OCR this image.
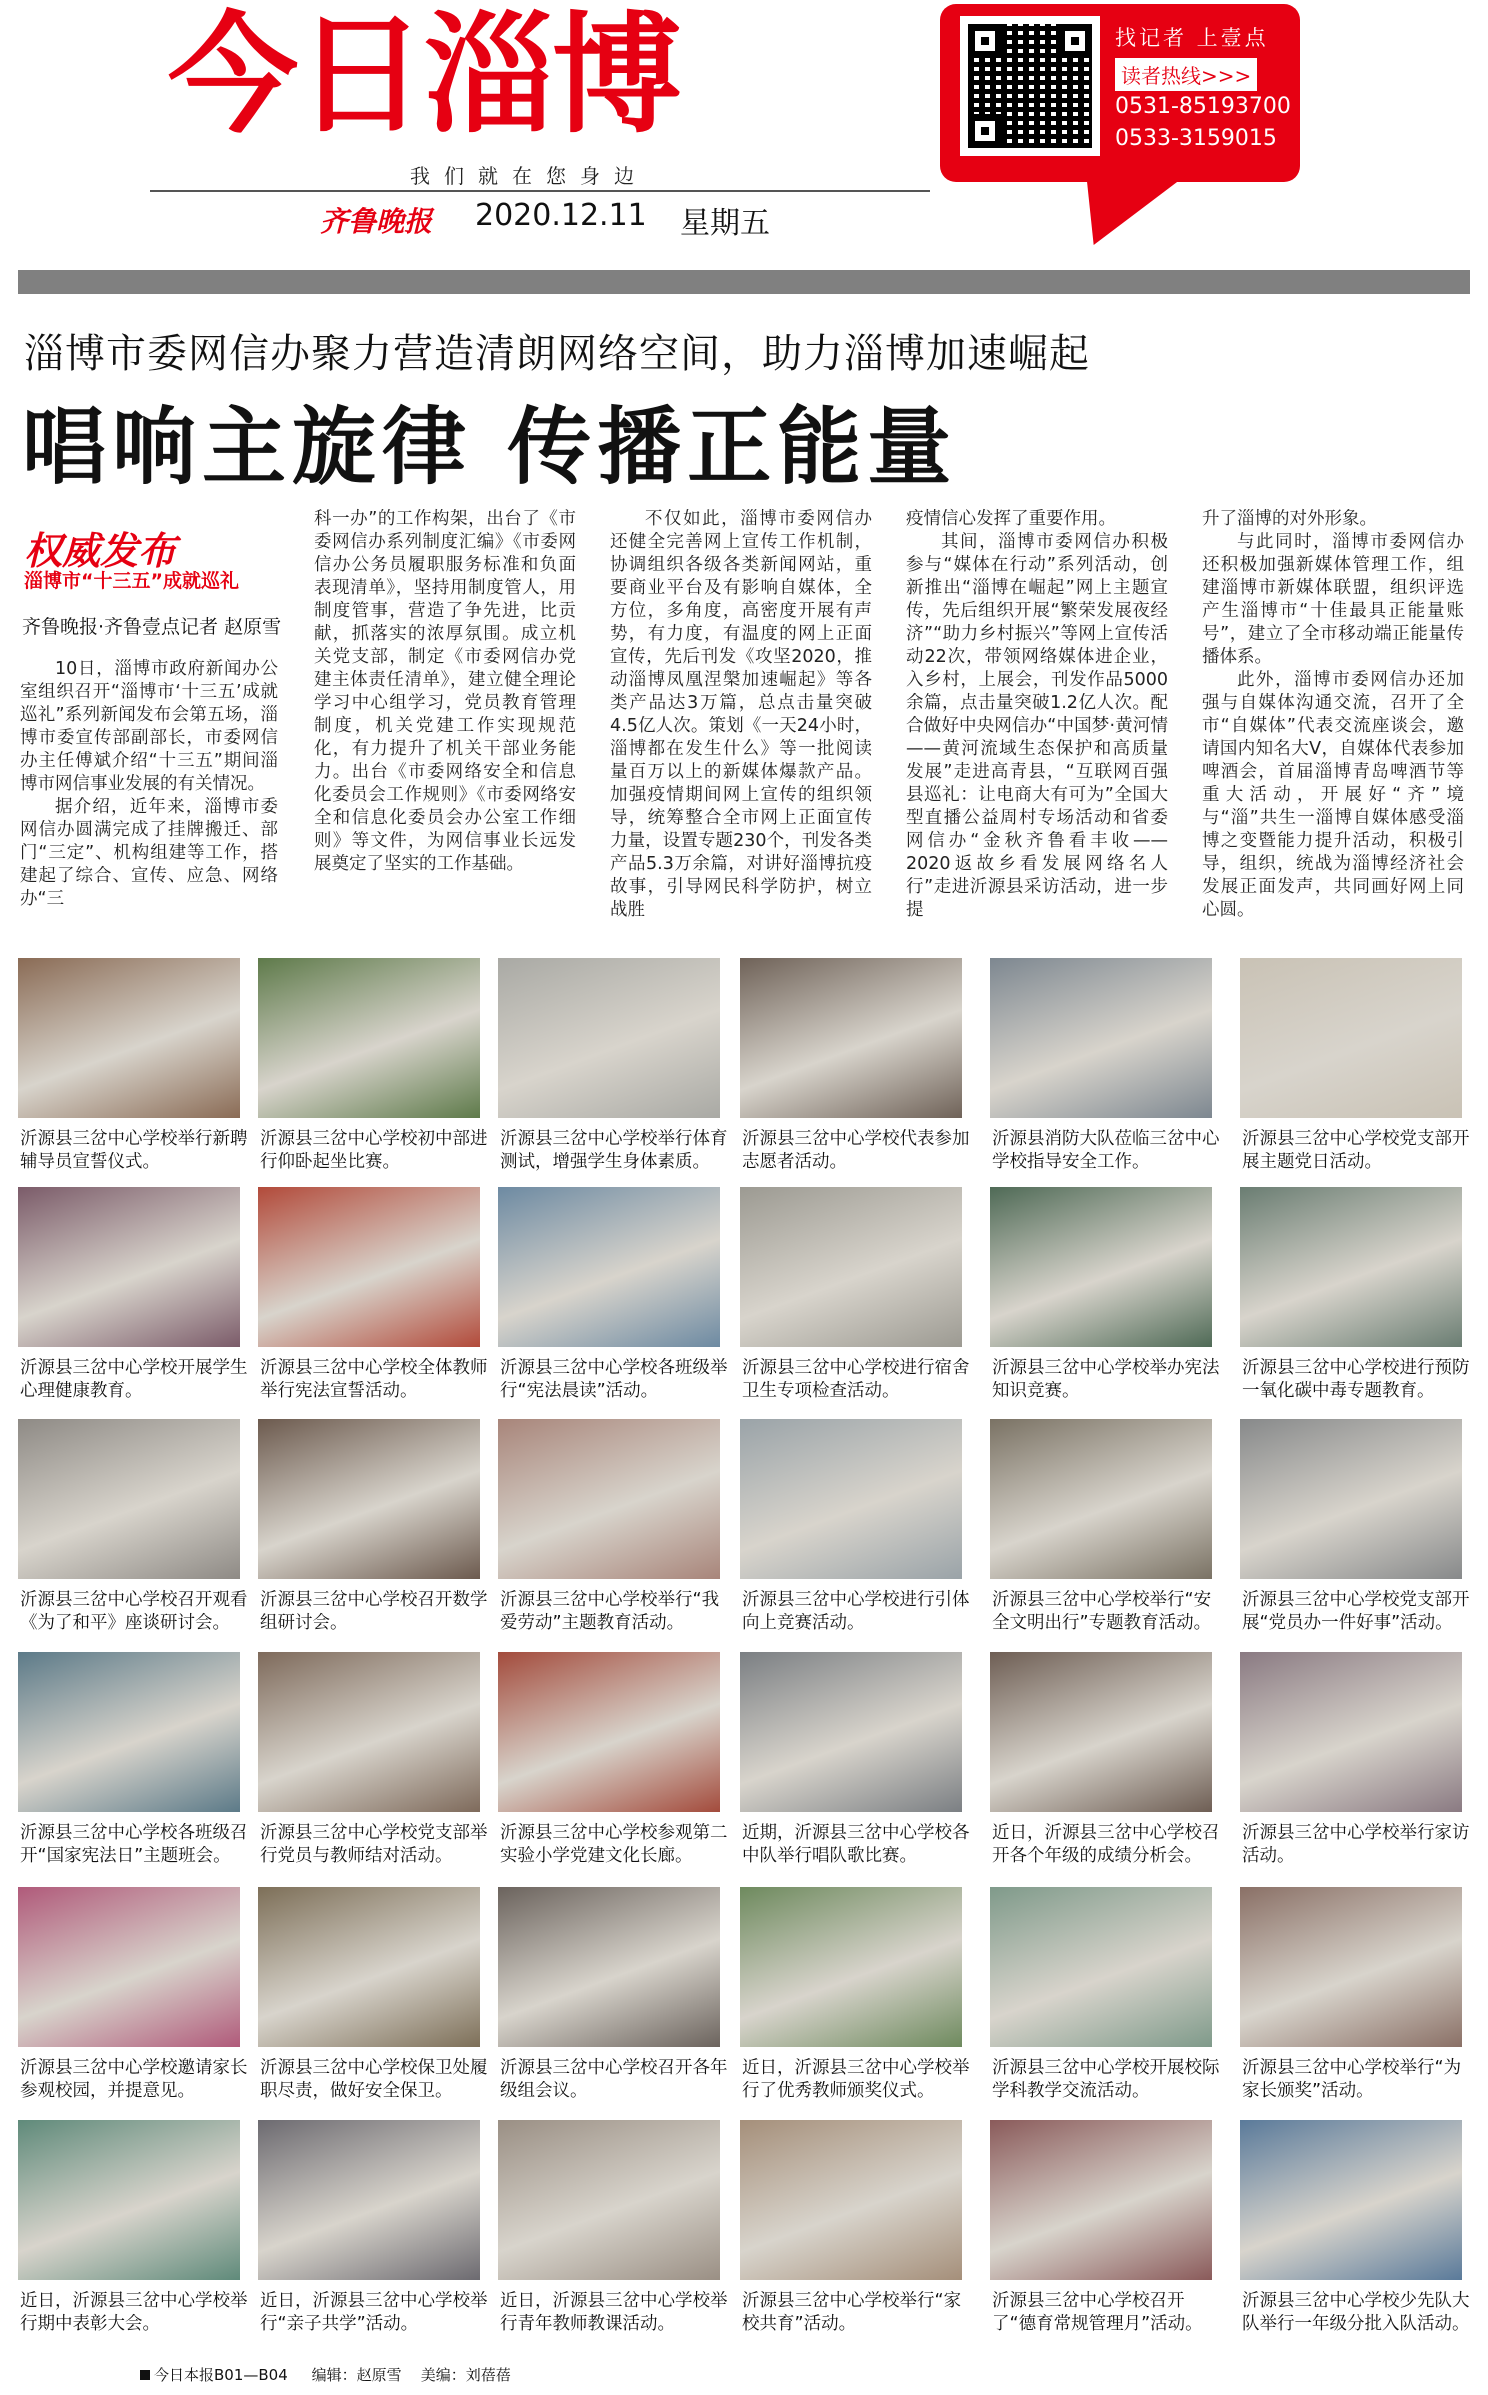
今日淄博
我们就在您身边
齐鲁晚报 2020.12.11 星期五
找记者 上壹点
读者热线>>>
0531-85193700
0533-3159015
淄博市委网信办聚力营造清朗网络空间，助力淄博加速崛起
唱响主旋律 传播正能量
权威发布
淄博市“十三五”成就巡礼
齐鲁晚报·齐鲁壹点记者 赵原雪

10日，淄博市政府新闻办公室组织召开“淄博市‘十三五’成就巡礼”系列新闻发布会第五场，淄博市委宣传部副部长，市委网信办主任傅斌介绍“十三五”期间淄博市网信事业发展的有关情况。

据介绍，近年来，淄博市委网信办圆满完成了挂牌搬迁、部门“三定”、机构组建等工作，搭建起了综合、宣传、应急、网络办“三

科一办”的工作构架，出台了《市委网信办系列制度汇编》《市委网信办公务员履职服务标准和负面表现清单》，坚持用制度管人，用制度管事，营造了争先进，比贡献，抓落实的浓厚氛围。成立机关党支部，制定《市委网信办党建主体责任清单》，建立健全理论学习中心组学习，党员教育管理制度，机关党建工作实现规范化，有力提升了机关干部业务能力。出台《市委网络安全和信息化委员会工作规则》《市委网络安全和信息化委员会办公室工作细则》等文件，为网信事业长远发展奠定了坚实的工作基础。

不仅如此，淄博市委网信办还健全完善网上宣传工作机制，协调组织各级各类新闻网站，重要商业平台及有影响自媒体，全方位，多角度，高密度开展有声势，有力度，有温度的网上正面宣传，先后刊发《攻坚2020，推动淄博凤凰涅槃加速崛起》等各类产品达3万篇，总点击量突破4.5亿人次。策划《一天24小时，淄博都在发生什么》等一批阅读量百万以上的新媒体爆款产品。加强疫情期间网上宣传的组织领导，统筹整合全市网上正面宣传力量，设置专题230个，刊发各类产品5.3万余篇，对讲好淄博抗疫故事，引导网民科学防护，树立战胜

疫情信心发挥了重要作用。

其间，淄博市委网信办积极参与“媒体在行动”系列活动，创新推出“淄博在崛起”网上主题宣传，先后组织开展“繁荣发展夜经济”“助力乡村振兴”等网上宣传活动22次，带领网络媒体进企业，入乡村，上展会，刊发作品5000余篇，点击量突破1.2亿人次。配合做好中央网信办“中国梦·黄河情——黄河流域生态保护和高质量发展”走进高青县，“互联网百强县巡礼：让电商大有可为”全国大型直播公益周村专场活动和省委网信办“金秋齐鲁看丰收——2020返故乡看发展网络名人行”走进沂源县采访活动，进一步提

升了淄博的对外形象。

与此同时，淄博市委网信办还积极加强新媒体管理工作，组建淄博市新媒体联盟，组织评选产生淄博市“十佳最具正能量账号”，建立了全市移动端正能量传播体系。

此外，淄博市委网信办还加强与自媒体沟通交流，召开了全市“自媒体”代表交流座谈会，邀请国内知名大V，自媒体代表参加啤酒会，首届淄博青岛啤酒节等重大活动，开展好“齐”境与“淄”共生一淄博自媒体感受淄博之变暨能力提升活动，积极引导，组织，统战为淄博经济社会发展正面发声，共同画好网上同心圆。

沂源县三岔中心学校举行新聘辅导员宣誓仪式。
沂源县三岔中心学校初中部进行仰卧起坐比赛。
沂源县三岔中心学校举行体育测试，增强学生身体素质。
沂源县三岔中心学校代表参加志愿者活动。
沂源县消防大队莅临三岔中心学校指导安全工作。
沂源县三岔中心学校党支部开展主题党日活动。
沂源县三岔中心学校开展学生心理健康教育。
沂源县三岔中心学校全体教师举行宪法宣誓活动。
沂源县三岔中心学校各班级举行“宪法晨读”活动。
沂源县三岔中心学校进行宿舍卫生专项检查活动。
沂源县三岔中心学校举办宪法知识竞赛。
沂源县三岔中心学校进行预防一氧化碳中毒专题教育。
沂源县三岔中心学校召开观看《为了和平》座谈研讨会。
沂源县三岔中心学校召开数学组研讨会。
沂源县三岔中心学校举行“我爱劳动”主题教育活动。
沂源县三岔中心学校进行引体向上竞赛活动。
沂源县三岔中心学校举行“安全文明出行”专题教育活动。
沂源县三岔中心学校党支部开展“党员办一件好事”活动。
沂源县三岔中心学校各班级召开“国家宪法日”主题班会。
沂源县三岔中心学校党支部举行党员与教师结对活动。
沂源县三岔中心学校参观第二实验小学党建文化长廊。
近期，沂源县三岔中心学校各中队举行唱队歌比赛。
近日，沂源县三岔中心学校召开各个年级的成绩分析会。
沂源县三岔中心学校举行家访活动。
沂源县三岔中心学校邀请家长参观校园，并提意见。
沂源县三岔中心学校保卫处履职尽责，做好安全保卫。
沂源县三岔中心学校召开各年级组会议。
近日，沂源县三岔中心学校举行了优秀教师颁奖仪式。
沂源县三岔中心学校开展校际学科教学交流活动。
沂源县三岔中心学校举行“为家长颁奖”活动。
近日，沂源县三岔中心学校举行期中表彰大会。
近日，沂源县三岔中心学校举行“亲子共学”活动。
近日，沂源县三岔中心学校举行青年教师教课活动。
沂源县三岔中心学校举行“家校共育”活动。
沂源县三岔中心学校召开了“德育常规管理月”活动。
沂源县三岔中心学校少先队大队举行一年级分批入队活动。
今日本报B01—B04 编辑：赵原雪 美编：刘蓓蓓
